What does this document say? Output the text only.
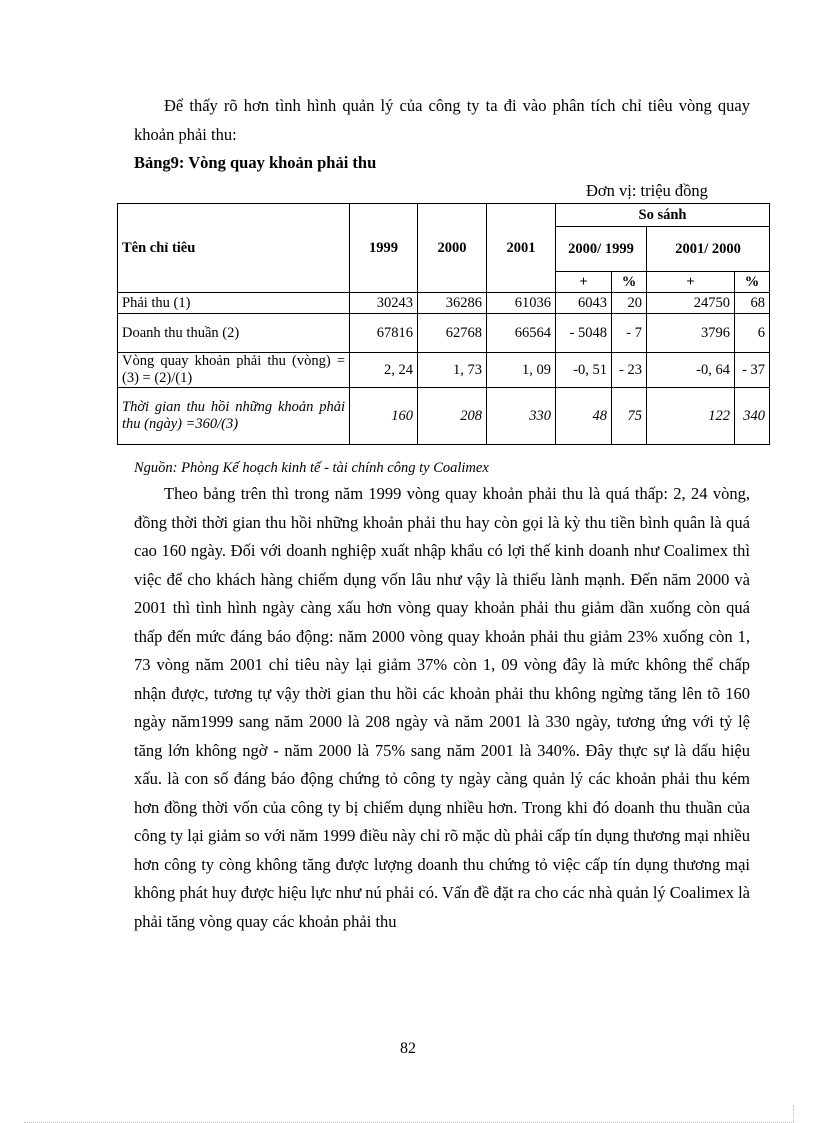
Để thấy rõ hơn tình hình quản lý của công ty ta đi vào phân tích chỉ tiêu vòng quay khoản phải thu:

Bảng9: Vòng quay khoản phải thu

Đơn vị: triệu đồng

Tên chỉ tiêu	1999	2000	2001	So sánh			
				2000/ 1999		2001/ 2000	
				+	%	+	%
Phải thu (1)	30243	36286	61036	6043	20	24750	68
Doanh thu thuần (2)	67816	62768	66564	- 5048	- 7	3796	6
Vòng quay khoản phải thu (vòng) = (3) = (2)/(1)	2, 24	1, 73	1, 09	-0, 51	- 23	-0, 64	- 37
Thời gian thu hồi những khoản phải thu (ngày) =360/(3)	160	208	330	48	75	122	340

Nguồn: Phòng Kế hoạch kinh tế - tài chính công ty Coalimex

Theo bảng trên thì trong năm 1999 vòng quay khoản phải thu là quá thấp: 2, 24 vòng, đồng thời thời gian thu hồi những khoản phải thu hay còn gọi là kỳ thu tiền bình quân là quá cao 160 ngày. Đối với doanh nghiệp xuất nhập khẩu có lợi thế kinh doanh như Coalimex thì việc để cho khách hàng chiếm dụng vốn lâu như vậy là thiếu lành mạnh. Đến năm 2000 và 2001 thì tình hình ngày càng xấu hơn vòng quay khoản phải thu giảm dần xuống còn quá thấp đến mức đáng báo động: năm 2000 vòng quay khoản phải thu giảm 23% xuống còn 1, 73 vòng năm 2001 chỉ tiêu này lại giảm 37% còn 1, 09 vòng đây là mức không thể chấp nhận được, tương tự vậy thời gian thu hồi các khoản phải thu không ngừng tăng lên tõ 160 ngày năm1999 sang năm 2000 là 208 ngày và năm 2001 là 330 ngày, tương ứng với tỷ lệ tăng lớn không ngờ - năm 2000 là 75% sang năm 2001 là 340%. Đây thực sự là dấu hiệu xấu. là con số đáng báo động chứng tỏ công ty ngày càng quản lý các khoản phải thu kém hơn đồng thời vốn của công ty bị chiếm dụng nhiều hơn. Trong khi đó doanh thu thuần của công ty lại giảm so với năm 1999 điều này chỉ rõ mặc dù phải cấp tín dụng thương mại nhiều hơn công ty còng không tăng được lượng doanh thu chứng tỏ việc cấp tín dụng thương mại không phát huy được hiệu lực như nú phải có. Vấn đề đặt ra cho các nhà quản lý Coalimex là phải tăng vòng quay các khoản phải thu

82
